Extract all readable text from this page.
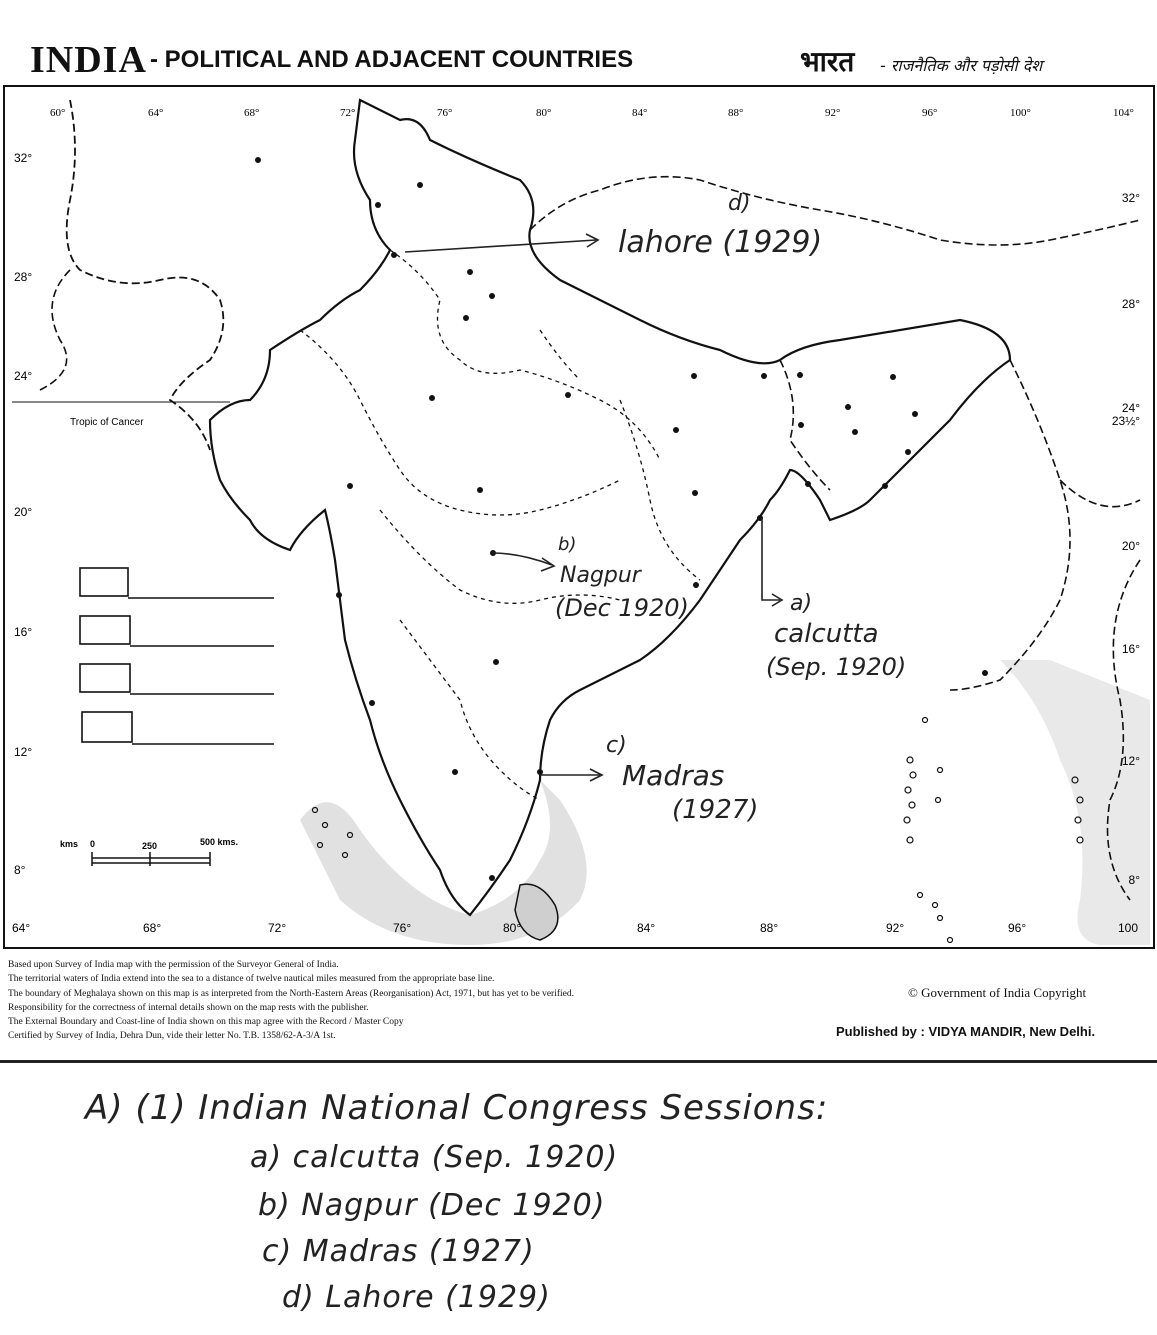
INDIA - POLITICAL AND ADJACENT COUNTRIES	भारत - राजनैतिक और पड़ोसी देश
Tropic of Cancer
60°	64°	68°	72°	76°	80°	84°	88°	92°	96°	100°	104°
64°	68°	72°	76°	80°	84°	88°	92°	96°	100
32°
28°
24°
20°
16°
12°
8°
32°
28°
24°
23½°
20°
16°
12°
8°
kms 0	250	500 kms.
d)
lahore (1929)
b)
Nagpur
(Dec 1920)	a)
calcutta
(Sep. 1920)
c)
Madras
(1927)
Based upon Survey of India map with the permission of the Surveyor General of India.
The territorial waters of India extend into the sea to a distance of twelve nautical miles measured from the appropriate base line.
The boundary of Meghalaya shown on this map is as interpreted from the North-Eastern Areas (Reorganisation) Act, 1971, but has yet to be verified.
Responsibility for the correctness of internal details shown on the map rests with the publisher.
The External Boundary and Coast-line of India shown on this map agree with the Record / Master Copy
Certified by Survey of India, Dehra Dun, vide their letter No. T.B. 1358/62-A-3/A 1st.
© Government of India Copyright
Published by : VIDYA MANDIR, New Delhi.
A) (1) Indian National Congress Sessions:
a) calcutta (Sep. 1920)
b) Nagpur (Dec 1920)
c) Madras (1927)
d) Lahore (1929)
